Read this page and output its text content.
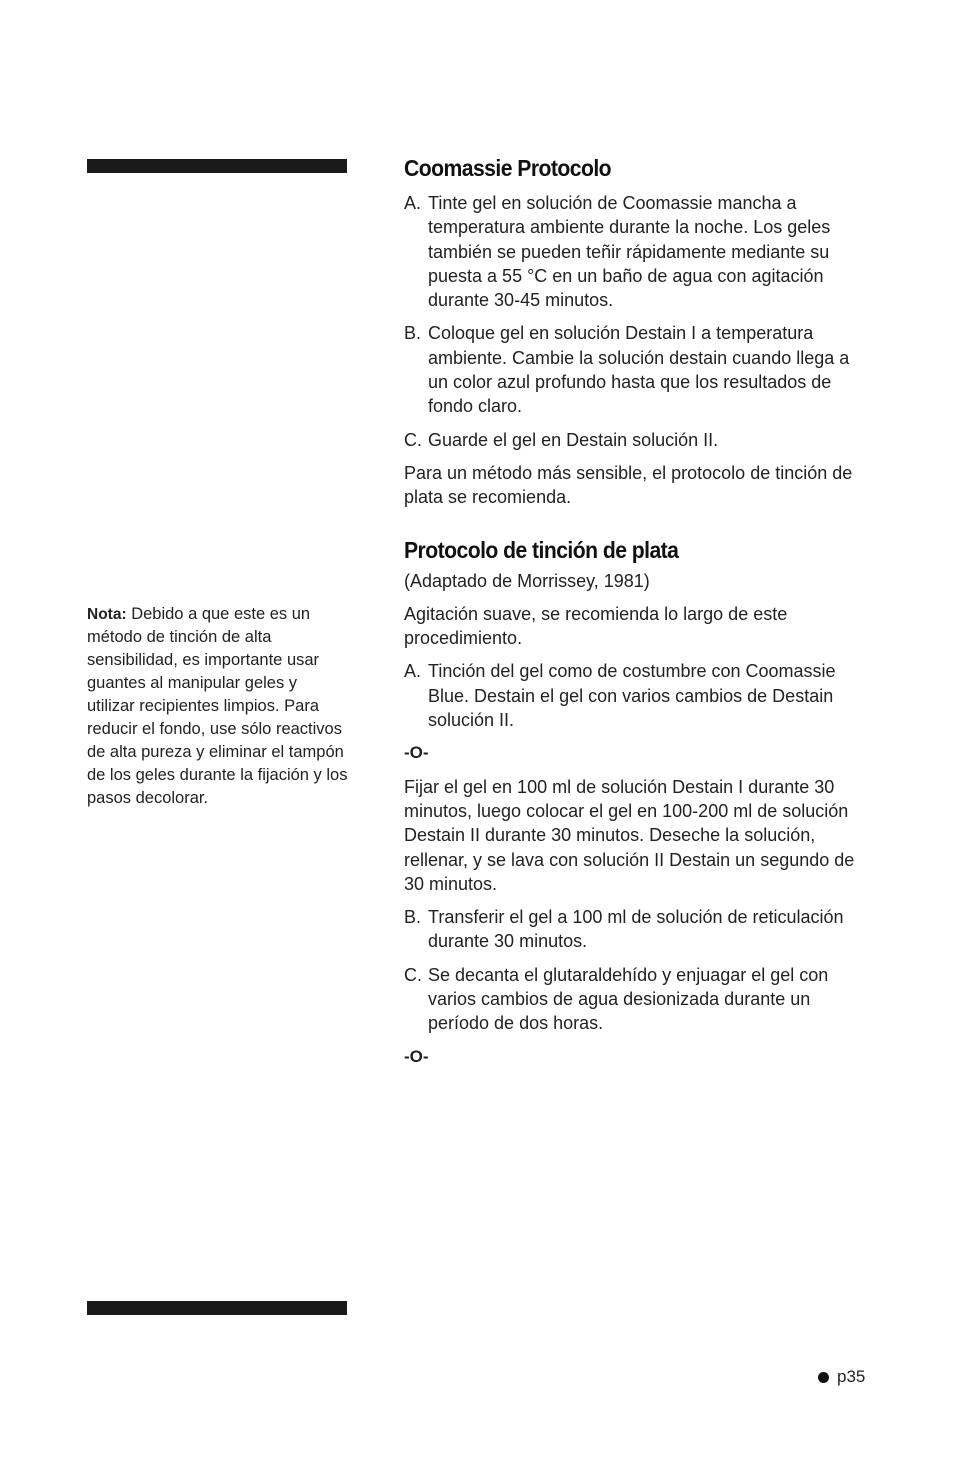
Nota: Debido a que este es un método de tinción de alta sensibilidad, es importante usar guantes al manipular geles y utilizar recipientes limpios. Para reducir el fondo, use sólo reactivos de alta pureza y eliminar el tampón de los geles durante la fijación y los pasos decolorar.
Coomassie Protocolo
A. Tinte gel en solución de Coomassie mancha a temperatura ambiente durante la noche. Los geles también se pueden teñir rápidamente mediante su puesta a 55 °C en un baño de agua con agitación durante 30-45 minutos.
B. Coloque gel en solución Destain I a temperatura ambiente. Cambie la solución destain cuando llega a un color azul profundo hasta que los resultados de fondo claro.
C. Guarde el gel en Destain solución II.

Para un método más sensible, el protocolo de tinción de plata se recomienda.

Protocolo de tinción de plata

(Adaptado de Morrissey, 1981)

Agitación suave, se recomienda lo largo de este procedimiento.

A. Tinción del gel como de costumbre con Coomassie Blue. Destain el gel con varios cambios de Destain solución II.
-O-

Fijar el gel en 100 ml de solución Destain I durante 30 minutos, luego colocar el gel en 100-200 ml de solución Destain II durante 30 minutos. Deseche la solución, rellenar, y se lava con solución II Destain un segundo de 30 minutos.

B. Transferir el gel a 100 ml de solución de reticulación durante 30 minutos.
C. Se decanta el glutaraldehído y enjuagar el gel con varios cambios de agua desionizada durante un período de dos horas.
-O-
p35
